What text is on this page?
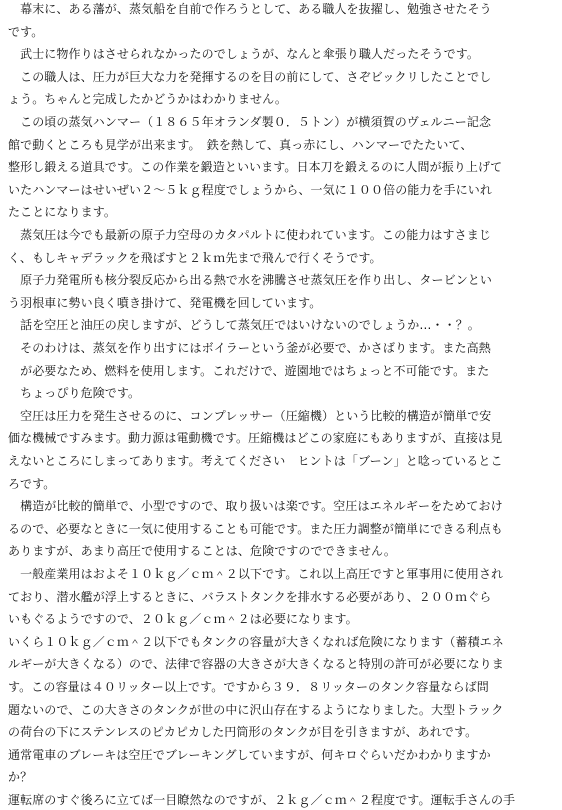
　幕末に、ある藩が、蒸気船を自前で作ろうとして、ある職人を抜擢し、勉強させたそう
です。
　武士に物作りはさせられなかったのでしょうが、なんと傘張り職人だったそうです。
　この職人は、圧力が巨大な力を発揮するのを目の前にして、さぞビックリしたことでし
ょう。ちゃんと完成したかどうかはわかりません。
　この頃の蒸気ハンマー（１８６５年オランダ製０．５トン）が横須賀のヴェルニー記念
館で動くところも見学が出来ます。　鉄を熱して、真っ赤にし、ハンマーでたたいて、
整形し鍛える道具です。この作業を鍛造といいます。日本刀を鍛えるのに人間が振り上げて
いたハンマーはせいぜい２～５ｋｇ程度でしょうから、一気に１００倍の能力を手にいれ
たことになります。
　蒸気圧は今でも最新の原子力空母のカタパルトに使われています。この能力はすさまじ
く、もしキャデラックを飛ばすと２ｋｍ先まで飛んで行くそうです。
　原子力発電所も核分裂反応から出る熱で水を沸騰させ蒸気圧を作り出し、タービンとい
う羽根車に勢い良く噴き掛けて、発電機を回しています。
　話を空圧と油圧の戻しますが、どうして蒸気圧ではいけないのでしょうか…・・？。
　そのわけは、蒸気を作り出すにはボイラーという釜が必要で、かさばります。また高熱
　が必要なため、燃料を使用します。これだけで、遊園地ではちょっと不可能です。また
　ちょっぴり危険です。
　空圧は圧力を発生させるのに、コンプレッサー（圧縮機）という比較的構造が簡単で安
価な機械ですみます。動力源は電動機です。圧縮機はどこの家庭にもありますが、直接は見
えないところにしまってあります。考えてください　ヒントは「ブーン」と唸っているとこ
ろです。
　構造が比較的簡単で、小型ですので、取り扱いは楽です。空圧はエネルギーをためておけ
るので、必要なときに一気に使用することも可能です。また圧力調整が簡単にできる利点も
ありますが、あまり高圧で使用することは、危険ですのでできません。
　一般産業用はおよそ１０ｋｇ／ｃｍ＾２以下です。これ以上高圧ですと軍事用に使用され
ており、潜水艦が浮上するときに、バラストタンクを排水する必要があり、２００ｍぐら
いもぐるようですので、２０ｋｇ／ｃｍ＾２は必要になります。
いくら１０ｋｇ／ｃｍ＾２以下でもタンクの容量が大きくなれば危険になります（蓄積エネ
ルギーが大きくなる）ので、法律で容器の大きさが大きくなると特別の許可が必要になりま
す。この容量は４０リッター以上です。ですから３９．８リッターのタンク容量ならば問
題ないので、この大きさのタンクが世の中に沢山存在するようになりました。大型トラック
の荷台の下にステンレスのピカピカした円筒形のタンクが目を引きますが、あれです。
通常電車のブレーキは空圧でブレーキングしていますが、何キロぐらいだかわかりますか
か？
運転席のすぐ後ろに立てば一目瞭然なのですが、２ｋｇ／ｃｍ＾２程度です。運転手さんの手
